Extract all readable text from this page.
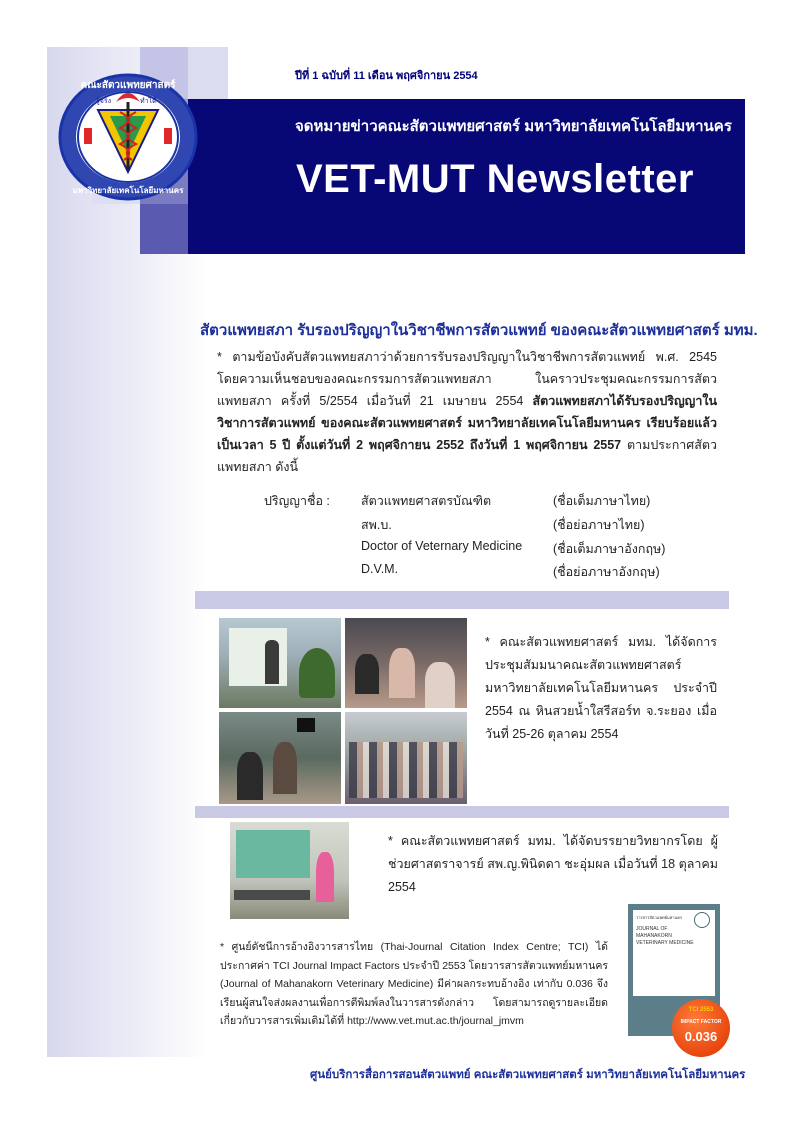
ปีที่ 1 ฉบับที่ 11 เดือน พฤศจิกายน 2554
จดหมายข่าวคณะสัตวแพทยศาสตร์ มหาวิทยาลัยเทคโนโลยีมหานคร
VET-MUT Newsletter
คณะสัตวแพทยศาสตร์
รู้จริง	ทำได้
มหาวิทยาลัยเทคโนโลยีมหานคร
สัตวแพทยสภา รับรองปริญญาในวิชาชีพการสัตวแพทย์ ของคณะสัตวแพทยศาสตร์ มทม.
* ตามข้อบังคับสัตวแพทยสภาว่าด้วยการรับรองปริญญาในวิชาชีพการสัตวแพทย์ พ.ศ. 2545 โดยความเห็นชอบของคณะกรรมการสัตวแพทยสภา ในคราวประชุมคณะกรรมการสัตวแพทยสภา ครั้งที่ 5/2554 เมื่อวันที่ 21 เมษายน 2554 สัตวแพทยสภาได้รับรองปริญญาในวิชาการสัตวแพทย์ ของคณะสัตวแพทยศาสตร์ มหาวิทยาลัยเทคโนโลยีมหานคร เรียบร้อยแล้ว เป็นเวลา 5 ปี ตั้งแต่วันที่ 2 พฤศจิกายน 2552 ถึงวันที่ 1 พฤศจิกายน 2557 ตามประกาศสัตวแพทยสภา ดังนี้
ปริญญาชื่อ : สัตวแพทยศาสตรบัณฑิต	(ชื่อเต็มภาษาไทย)
สพ.บ.	(ชื่อย่อภาษาไทย)
Doctor of Veternary Medicine (ชื่อเต็มภาษาอังกฤษ)
D.V.M.	(ชื่อย่อภาษาอังกฤษ)
* คณะสัตวแพทยศาสตร์ มทม. ได้จัดการประชุมสัมมนาคณะสัตวแพทยศาสตร์ มหาวิทยาลัยเทคโนโลยีมหานคร ประจำปี 2554 ณ หินสวยน้ำใสรีสอร์ท จ.ระยอง เมื่อวันที่ 25-26 ตุลาคม 2554
* คณะสัตวแพทยศาสตร์ มทม. ได้จัดบรรยายวิทยากรโดย ผู้ช่วยศาสตราจารย์ สพ.ญ.พินิดดา ชะอุ่มผล เมื่อวันที่ 18 ตุลาคม 2554
* ศูนย์ดัชนีการอ้างอิงวารสารไทย (Thai-Journal Citation Index Centre; TCI) ได้ประกาศค่า TCI Journal Impact Factors ประจำปี 2553 โดยวารสารสัตวแพทย์มหานคร (Journal of Mahanakorn Veterinary Medicine) มีค่าผลกระทบอ้างอิง เท่ากับ 0.036 จึงเรียนผู้สนใจส่งผลงานเพื่อการตีพิมพ์ลงในวารสารดังกล่าว โดยสามารถดูรายละเอียดเกี่ยวกับวารสารเพิ่มเติมได้ที่ http://www.vet.mut.ac.th/journal_jmvm
วารสารสัตวแพทย์มหานคร
JOURNAL OF
MAHANAKORN
VETERINARY MEDICINE
TCI 2553
IMPACT FACTOR
0.036
ศูนย์บริการสื่อการสอนสัตวแพทย์ คณะสัตวแพทยศาสตร์ มหาวิทยาลัยเทคโนโลยีมหานคร
